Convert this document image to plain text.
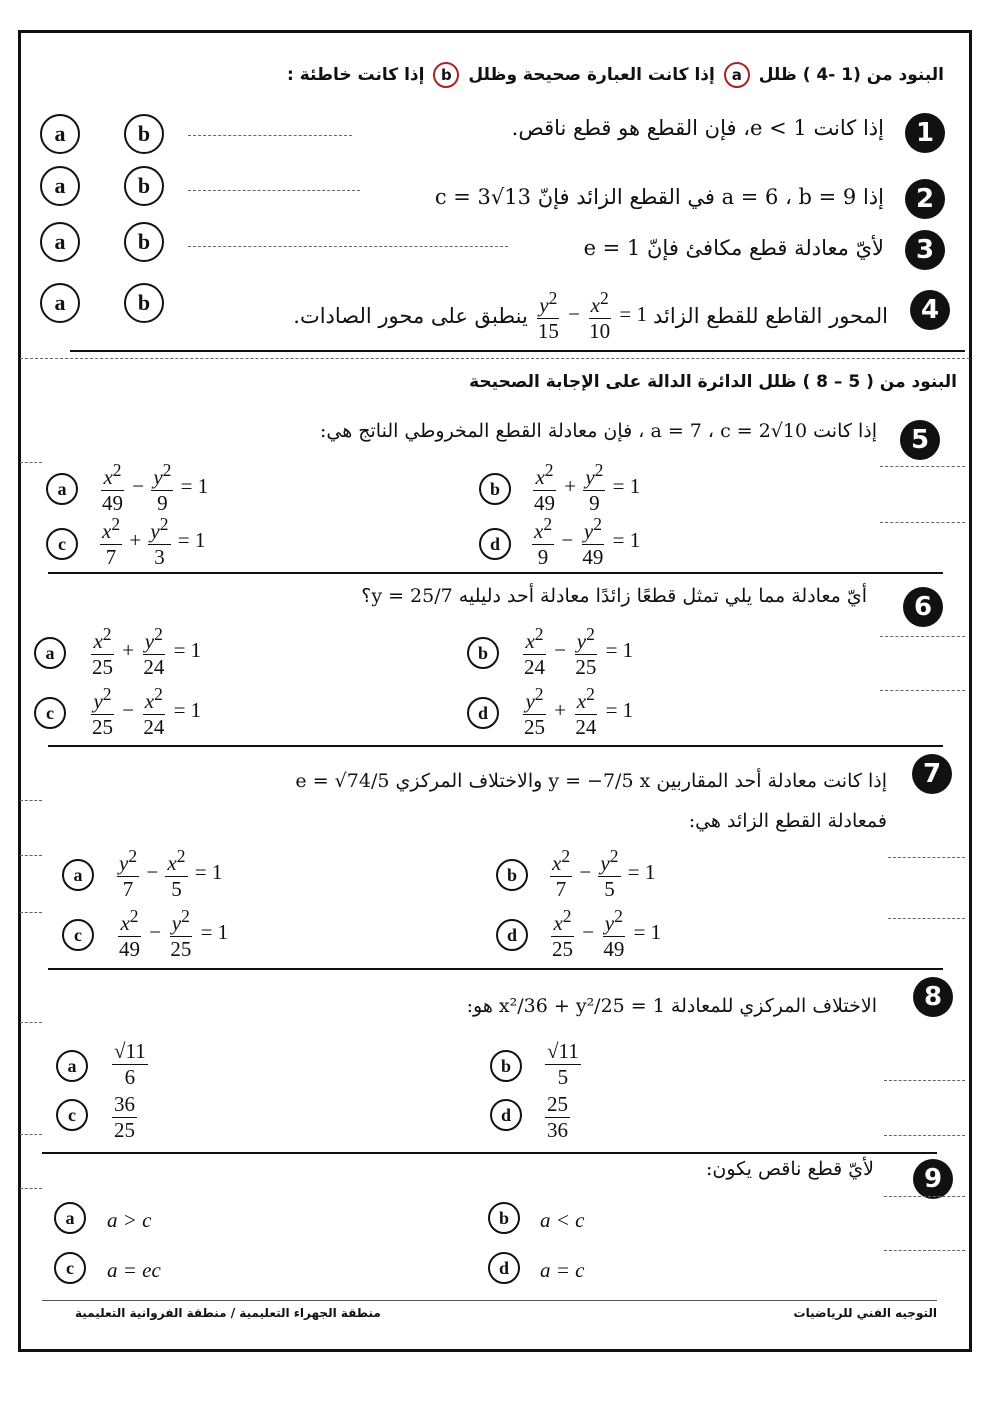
البنود من (1 -4 ) ظلل a إذا كانت العبارة صحيحة وظلل b إذا كانت خاطئة :
1
إذا كانت 1 > e، فإن القطع هو قطع ناقص.
a	b
2
إذا a = 6 ، b = 9 في القطع الزائد فإنّ c = 3√13
a	b
3
لأيّ معادلة قطع مكافئ فإنّ e = 1
a	b
4
المحور القاطع للقطع الزائد
$\frac{y^2}{15} - \frac{x^2}{10} = 1$
ينطبق على محور الصادات.
a	b
البنود من ( 5 – 8 ) ظلل الدائرة الدالة على الإجابة الصحيحة
5
إذا كانت a = 7 ، c = 2√10 ، فإن معادلة القطع المخروطي الناتج هي:
a	$\frac{x^2}{49} - \frac{y^2}{9} = 1$	b	$\frac{x^2}{49} + \frac{y^2}{9} = 1$
c	$\frac{x^2}{7} + \frac{y^2}{3} = 1$	d	$\frac{x^2}{9} - \frac{y^2}{49} = 1$
6
أيّ معادلة مما يلي تمثل قطعًا زائدًا معادلة أحد دليليه y = 25/7؟
a	$\frac{x^2}{25} + \frac{y^2}{24} = 1$	b	$\frac{x^2}{24} - \frac{y^2}{25} = 1$
c	$\frac{y^2}{25} - \frac{x^2}{24} = 1$	d	$\frac{y^2}{25} + \frac{x^2}{24} = 1$
7
إذا كانت معادلة أحد المقاربين y = −7/5 x والاختلاف المركزي e = √74/5
فمعادلة القطع الزائد هي:
a	$\frac{y^2}{7} - \frac{x^2}{5} = 1$	b	$\frac{x^2}{7} - \frac{y^2}{5} = 1$
c	$\frac{x^2}{49} - \frac{y^2}{25} = 1$	d	$\frac{x^2}{25} - \frac{y^2}{49} = 1$
8
الاختلاف المركزي للمعادلة x²/36 + y²/25 = 1 هو:
a	$\frac{√11}{6}$	b	$\frac{√11}{5}$
c	$\frac{36}{25}$	d	$\frac{25}{36}$
9
لأيّ قطع ناقص يكون:
a	a > c	b	a < c
c	a = ec	d	a = c
التوجيه الفني للرياضيات
منطقة الجهراء التعليمية / منطقة الفروانية التعليمية
